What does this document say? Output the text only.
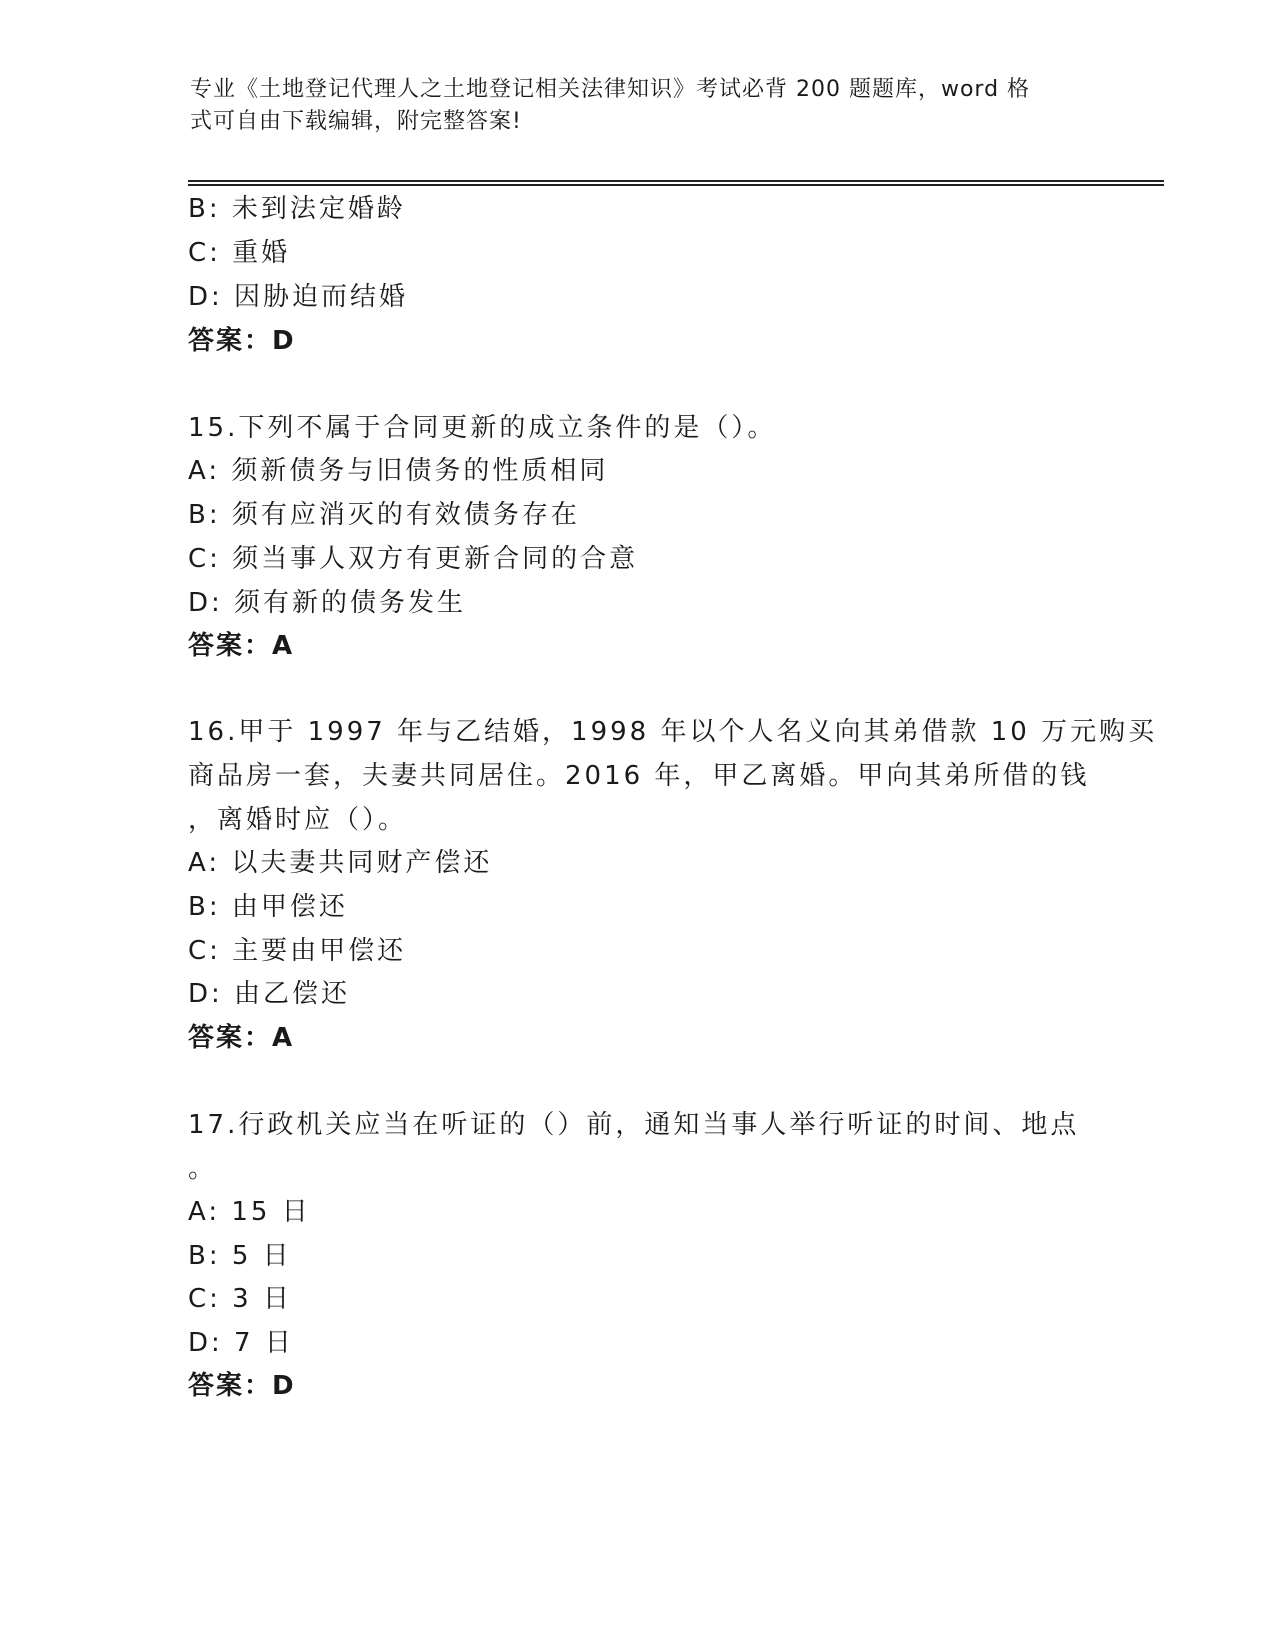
专业《土地登记代理人之土地登记相关法律知识》考试必背 200 题题库，word 格
式可自由下载编辑，附完整答案!
B: 未到法定婚龄
C: 重婚
D: 因胁迫而结婚
答案：D
15.下列不属于合同更新的成立条件的是（）。
A: 须新债务与旧债务的性质相同
B: 须有应消灭的有效债务存在
C: 须当事人双方有更新合同的合意
D: 须有新的债务发生
答案：A
16.甲于 1997 年与乙结婚，1998 年以个人名义向其弟借款 10 万元购买
商品房一套，夫妻共同居住。2016 年，甲乙离婚。甲向其弟所借的钱
，离婚时应（）。
A: 以夫妻共同财产偿还
B: 由甲偿还
C: 主要由甲偿还
D: 由乙偿还
答案：A
17.行政机关应当在听证的（）前，通知当事人举行听证的时间、地点
。
A: 15 日
B: 5 日
C: 3 日
D: 7 日
答案：D
